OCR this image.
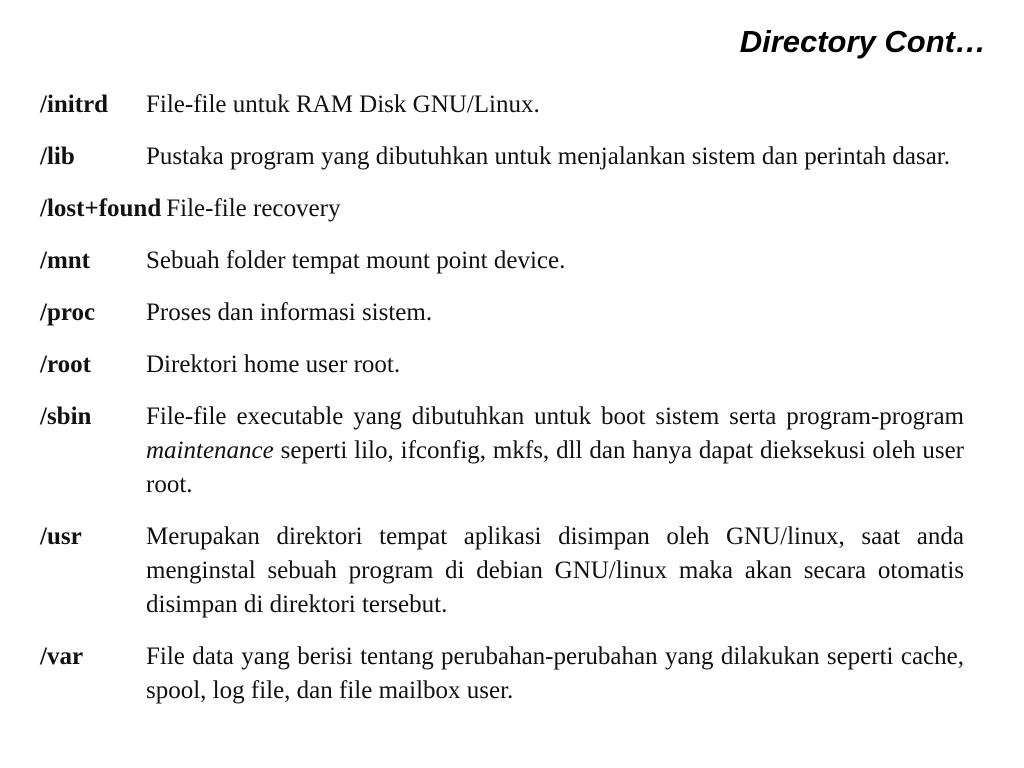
Directory Cont…
/initrd	File-file untuk RAM Disk GNU/Linux.
/lib	Pustaka program yang dibutuhkan untuk menjalankan sistem dan perintah dasar.
/lost+found File-file recovery
/mnt	Sebuah folder tempat mount point device.
/proc	Proses dan informasi sistem.
/root	Direktori home user root.
/sbin	File-file executable yang dibutuhkan untuk boot sistem serta program-program maintenance seperti lilo, ifconfig, mkfs, dll dan hanya dapat dieksekusi oleh user root.
/usr	Merupakan direktori tempat aplikasi disimpan oleh GNU/linux, saat anda menginstal sebuah program di debian GNU/linux maka akan secara otomatis disimpan di direktori tersebut.
/var	File data yang berisi tentang perubahan-perubahan yang dilakukan seperti cache, spool, log file, dan file mailbox user.
